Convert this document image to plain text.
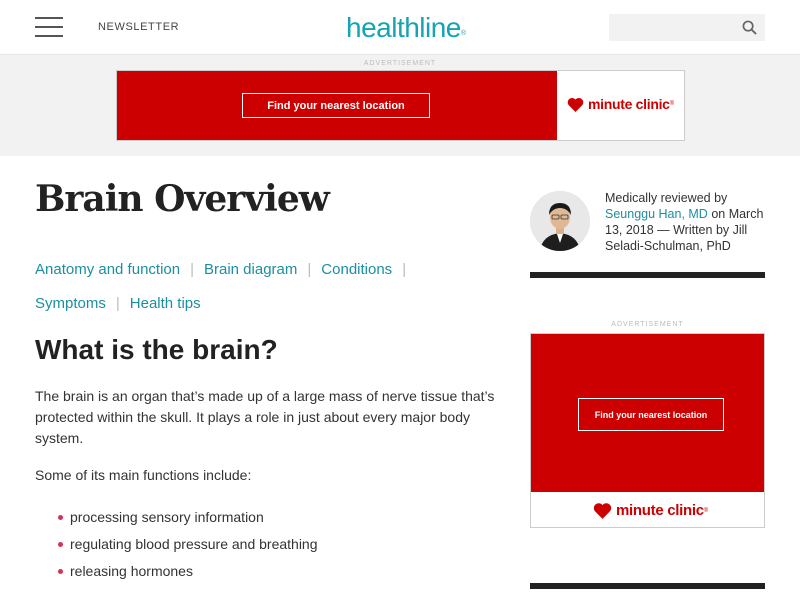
NEWSLETTER	healthline®
ADVERTISEMENT
Find your nearest location	minute clinic ®
Brain Overview
Anatomy and function | Brain diagram | Conditions |
Symptoms | Health tips
What is the brain?

The brain is an organ that’s made up of a large mass of nerve tissue that’s protected within the skull. It plays a role in just about every major body system.

Some of its main functions include:

processing sensory information
regulating blood pressure and breathing
releasing hormones
Medically reviewed by
Seunggu Han, MD on March 13, 2018 — Written by Jill Seladi-Schulman, PhD
ADVERTISEMENT
Find your nearest location
minute clinic ®
